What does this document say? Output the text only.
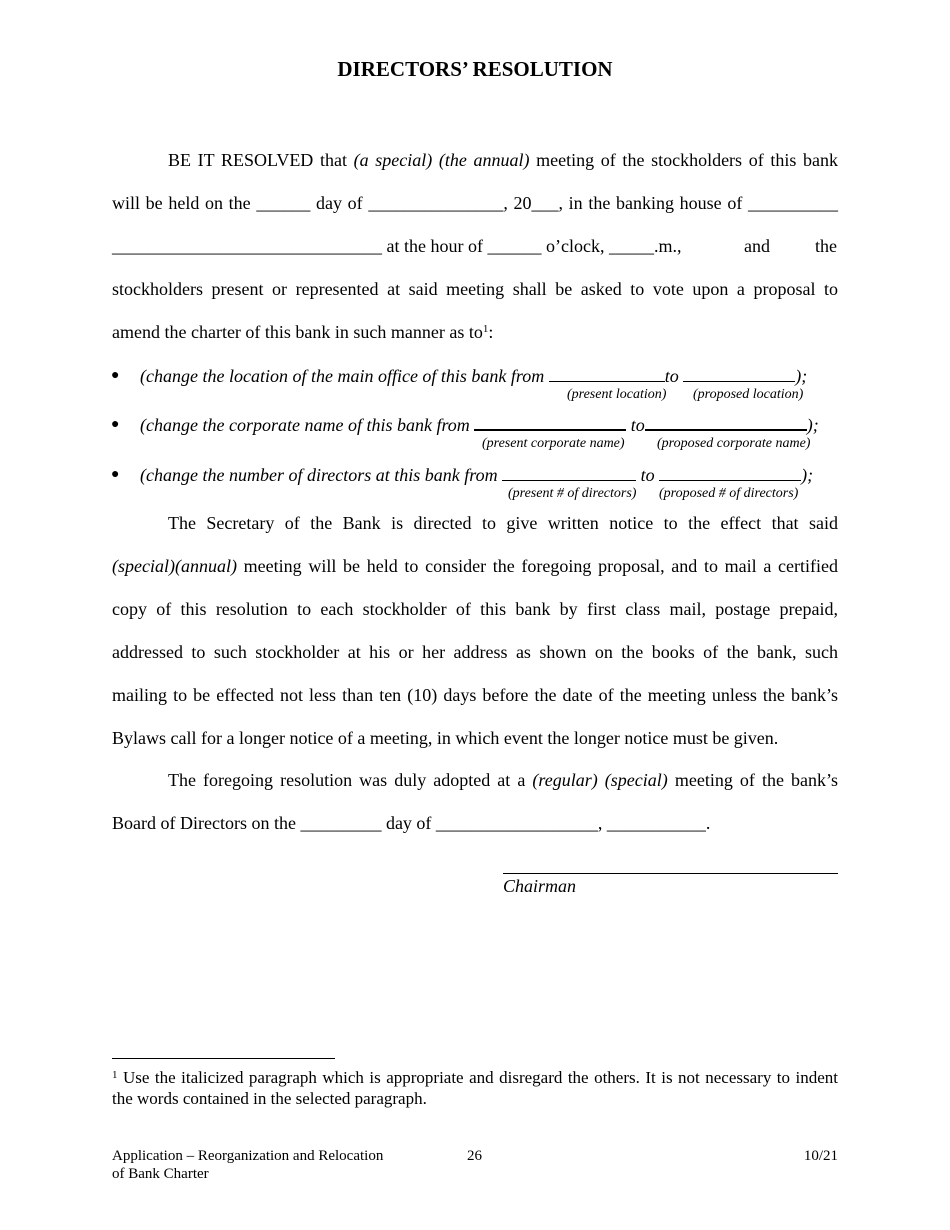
DIRECTORS’ RESOLUTION
BE IT RESOLVED that (a special) (the annual) meeting of the stockholders of this bank
will be held on the ______ day of _______________, 20___, in the banking house of __________
______________________________ at the hour of ______ o’clock, _____.m.,	and	the
stockholders present or represented at said meeting shall be asked to vote upon a proposal to
amend the charter of this bank in such manner as $to^1$:
●	(change the location of the main office of this bank from	to	);
(present location) (proposed location)
●	(change the corporate name of this bank from	to	);
(present corporate name) (proposed corporate name)
●	(change the number of directors at this bank from	to	);
(present # of directors) (proposed # of directors)
The Secretary of the Bank is directed to give written notice to the effect that said
(special)(annual) meeting will be held to consider the foregoing proposal, and to mail a certified
copy of this resolution to each stockholder of this bank by first class mail, postage prepaid,
addressed to such stockholder at his or her address as shown on the books of the bank, such
mailing to be effected not less than ten (10) days before the date of the meeting unless the bank’s
Bylaws call for a longer notice of a meeting, in which event the longer notice must be given.
The foregoing resolution was duly adopted at a (regular) (special) meeting of the bank’s
Board of Directors on the _________ day of __________________, ___________.
Chairman
$^1$ Use the italicized paragraph which is appropriate and disregard the others. It is not necessary to indent the words contained in the selected paragraph.
Application – Reorganization and Relocation
of Bank Charter
26	10/21
